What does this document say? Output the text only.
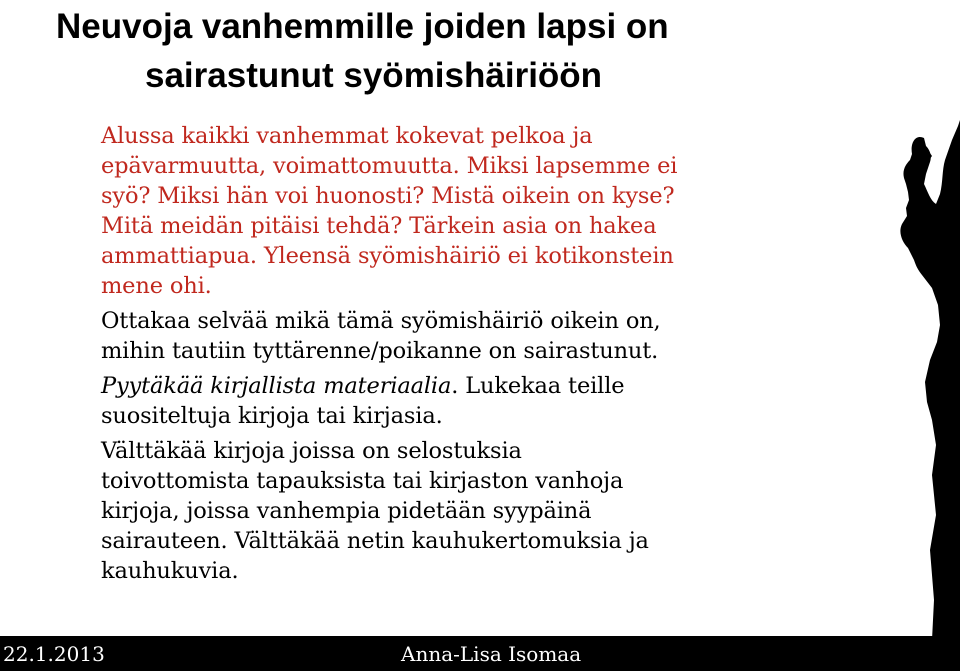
Neuvoja vanhemmille joiden lapsi on
sairastunut syömishäiriöön

Alussa kaikki vanhemmat kokevat pelkoa ja
epävarmuutta, voimattomuutta. Miksi lapsemme ei
syö? Miksi hän voi huonosti? Mistä oikein on kyse?
Mitä meidän pitäisi tehdä? Tärkein asia on hakea
ammattiapua. Yleensä syömishäiriö ei kotikonstein
mene ohi.

Ottakaa selvää mikä tämä syömishäiriö oikein on,
mihin tautiin tyttärenne/poikanne on sairastunut.

Pyytäkää kirjallista materiaalia. Lukekaa teille
suositeltuja kirjoja tai kirjasia.

Välttäkää kirjoja joissa on selostuksia
toivottomista tapauksista tai kirjaston vanhoja
kirjoja, joissa vanhempia pidetään syypäinä
sairauteen. Välttäkää netin kauhukertomuksia ja
kauhukuvia.

22.1.2013	Anna-Lisa Isomaa
